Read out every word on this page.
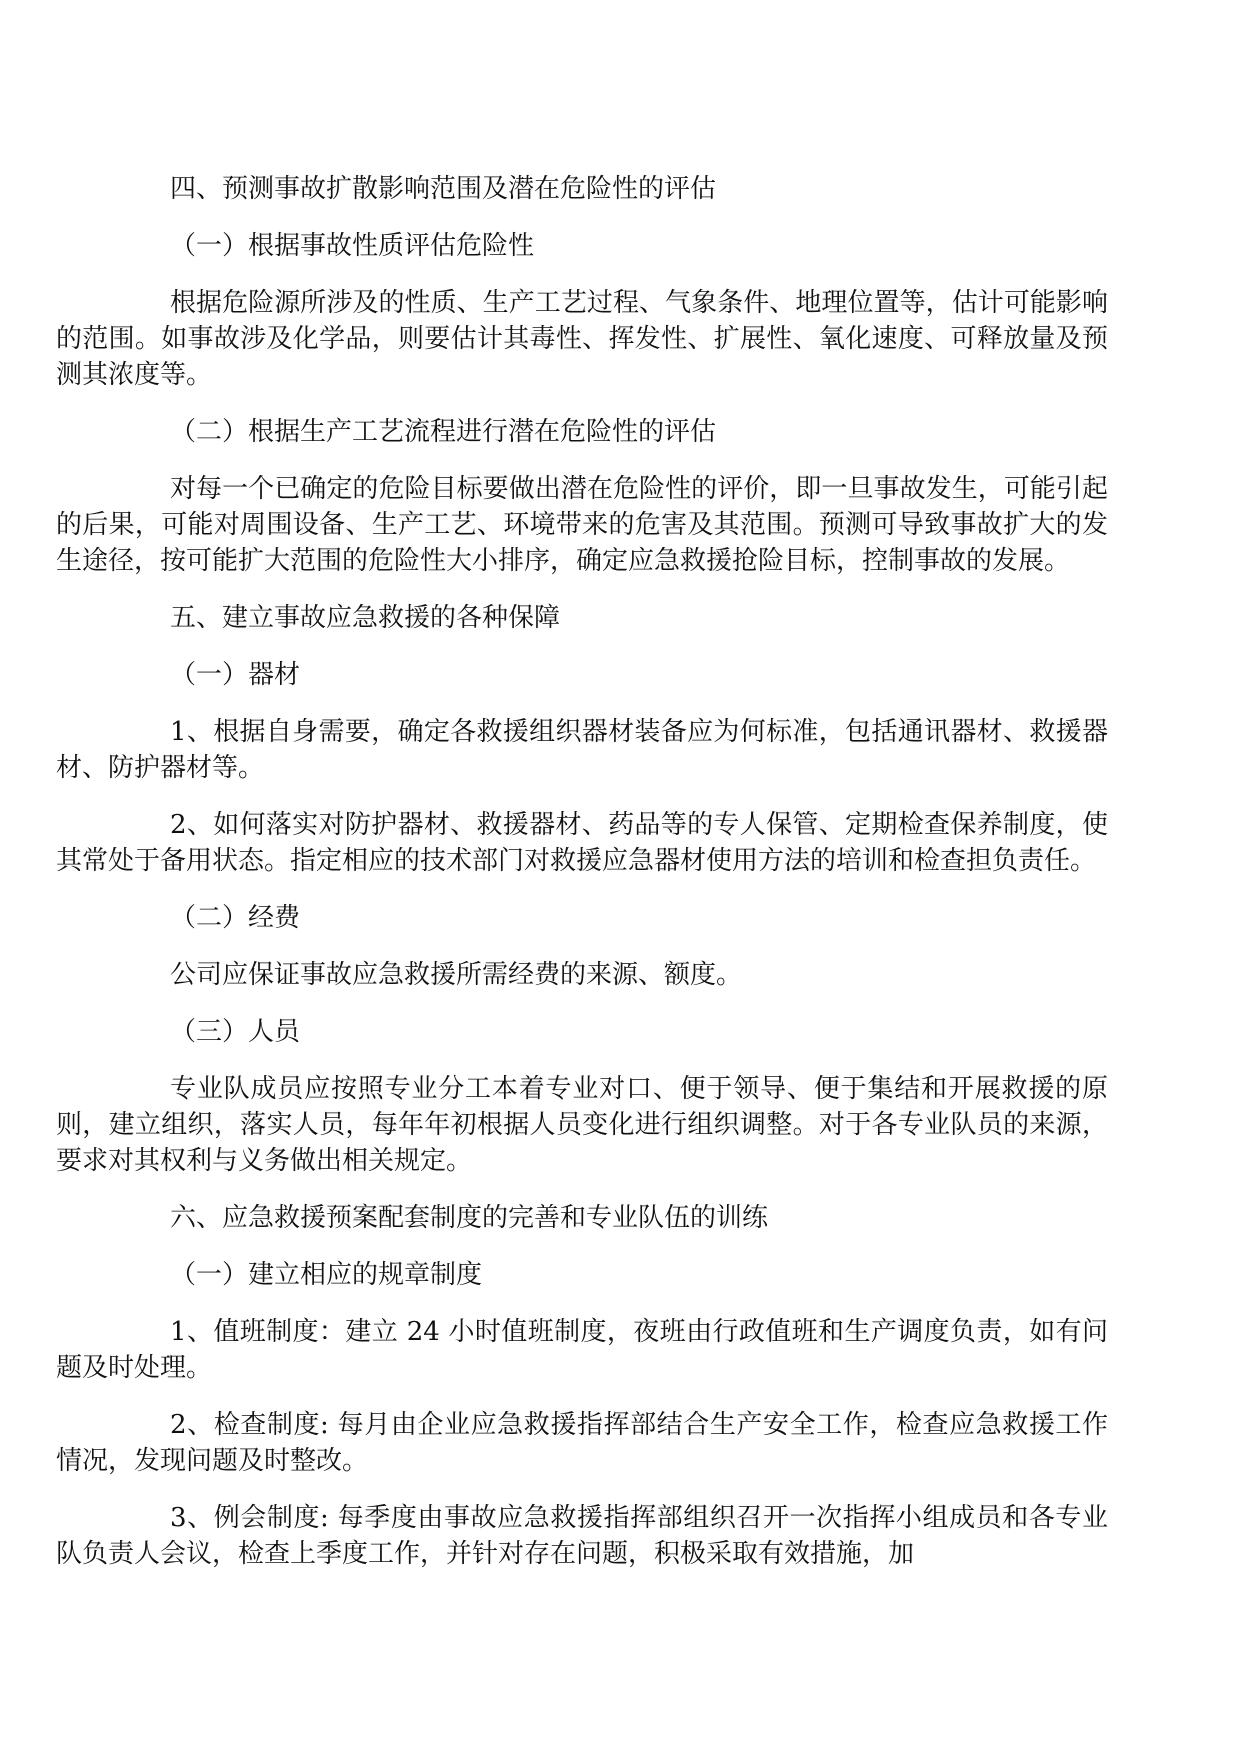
四、预测事故扩散影响范围及潜在危险性的评估

（一）根据事故性质评估危险性

根据危险源所涉及的性质、生产工艺过程、气象条件、地理位置等，估计可能影响的范围。如事故涉及化学品，则要估计其毒性、挥发性、扩展性、氧化速度、可释放量及预测其浓度等。

（二）根据生产工艺流程进行潜在危险性的评估

对每一个已确定的危险目标要做出潜在危险性的评价，即一旦事故发生，可能引起的后果，可能对周围设备、生产工艺、环境带来的危害及其范围。预测可导致事故扩大的发生途径，按可能扩大范围的危险性大小排序，确定应急救援抢险目标，控制事故的发展。

五、建立事故应急救援的各种保障

（一）器材

1、根据自身需要，确定各救援组织器材装备应为何标准，包括通讯器材、救援器材、防护器材等。

2、如何落实对防护器材、救援器材、药品等的专人保管、定期检查保养制度，使其常处于备用状态。指定相应的技术部门对救援应急器材使用方法的培训和检查担负责任。

（二）经费

公司应保证事故应急救援所需经费的来源、额度。

（三）人员

专业队成员应按照专业分工本着专业对口、便于领导、便于集结和开展救援的原则，建立组织，落实人员，每年年初根据人员变化进行组织调整。对于各专业队员的来源，要求对其权利与义务做出相关规定。

六、应急救援预案配套制度的完善和专业队伍的训练

（一）建立相应的规章制度

1、值班制度：建立 24 小时值班制度，夜班由行政值班和生产调度负责，如有问题及时处理。

2、检查制度: 每月由企业应急救援指挥部结合生产安全工作，检查应急救援工作情况，发现问题及时整改。

3、例会制度: 每季度由事故应急救援指挥部组织召开一次指挥小组成员和各专业队负责人会议，检查上季度工作，并针对存在问题，积极采取有效措施，加
